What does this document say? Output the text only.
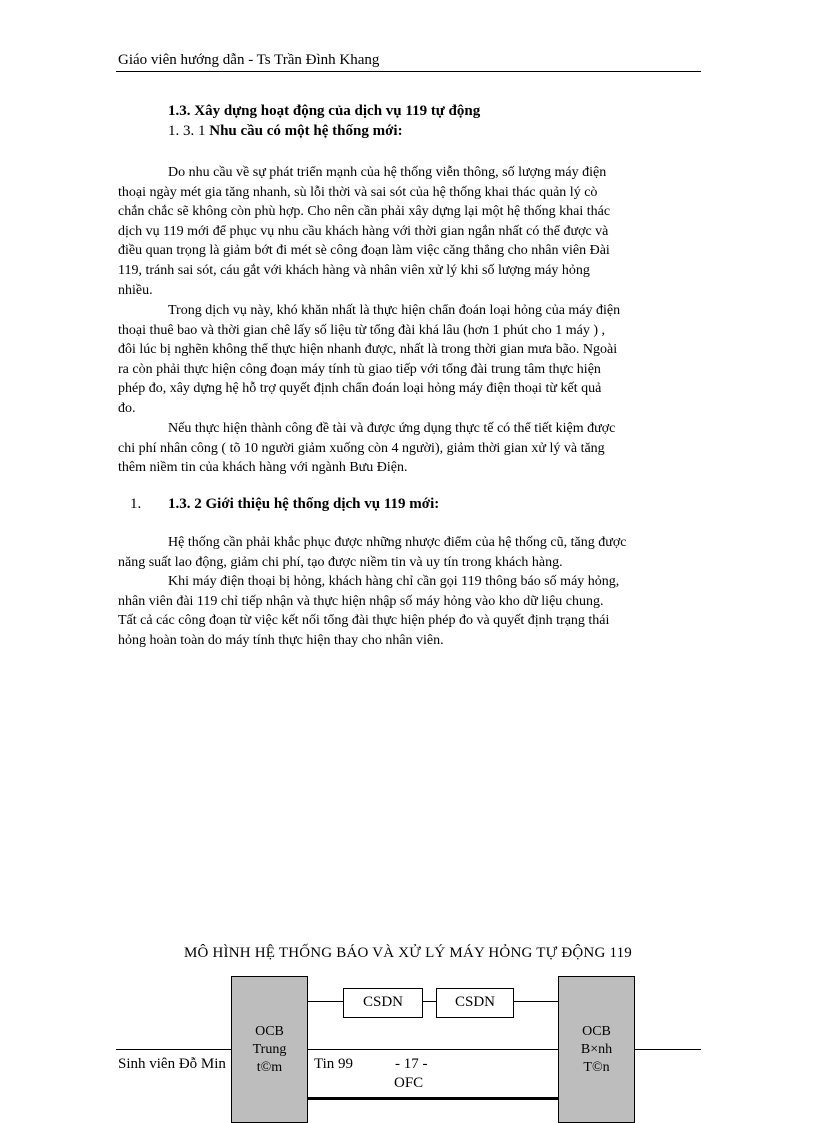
Giáo viên hướng dẫn - Ts Trần Đình Khang
1.3. Xây dựng hoạt động của dịch vụ 119 tự động
1. 3. 1 Nhu cầu có một hệ thống mới:
Do nhu cầu về sự phát triển mạnh của hệ thống viễn thông, số lượng máy điện
thoại ngày mét gia tăng nhanh, sù lỗi thời và sai sót của hệ thống khai thác quản lý cò
chắn chắc sẽ không còn phù hợp. Cho nên cần phải xây dựng lại một hệ thống khai thác
dịch vụ 119 mới để phục vụ nhu cầu khách hàng với thời gian ngắn nhất có thể được và
điều quan trọng là giảm bớt đi mét sè công đoạn làm việc căng thẳng cho nhân viên Đài
119, tránh sai sót, cáu gắt với khách hàng và nhân viên xử lý khi số lượng máy hỏng
nhiều.
Trong dịch vụ này, khó khăn nhất là thực hiện chẩn đoán loại hỏng của máy điện
thoại thuê bao và thời gian chê lấy số liệu từ tổng đài khá lâu (hơn 1 phút cho 1 máy ) ,
đôi lúc bị nghẽn không thể thực hiện nhanh được, nhất là trong thời gian mưa bão. Ngoài
ra còn phải thực hiện công đoạn máy tính tù giao tiếp với tổng đài trung tâm thực hiện
phép đo, xây dựng hệ hỗ trợ quyết định chẩn đoán loại hỏng máy điện thoại từ kết quả
đo.
Nếu thực hiện thành công đề tài và được ứng dụng thực tế có thể tiết kiệm được
chi phí nhân công ( tõ 10 người giảm xuống còn 4 người), giảm thời gian xử lý và tăng
thêm niềm tin của khách hàng với ngành Bưu Điện.
1. 1.3. 2 Giới thiệu hệ thống dịch vụ 119 mới:
Hệ thống cần phải khắc phục được những nhược điểm của hệ thống cũ, tăng được
năng suất lao động, giảm chi phí, tạo được niềm tin và uy tín trong khách hàng.
Khi máy điện thoại bị hỏng, khách hàng chỉ cần gọi 119 thông báo số máy hỏng,
nhân viên đài 119 chỉ tiếp nhận và thực hiện nhập số máy hỏng vào kho dữ liệu chung.
Tất cả các công đoạn từ việc kết nối tổng đài thực hiện phép đo và quyết định trạng thái
hỏng hoàn toàn do máy tính thực hiện thay cho nhân viên.
MÔ HÌNH HỆ THỐNG BÁO VÀ XỬ LÝ MÁY HỎNG TỰ ĐỘNG 119
CSDN	CSDN
Sinh viên Đỗ Min	Tin 99	- 17 -
OFC
OCB
Trung
t©m
OCB
B×nh
T©n
